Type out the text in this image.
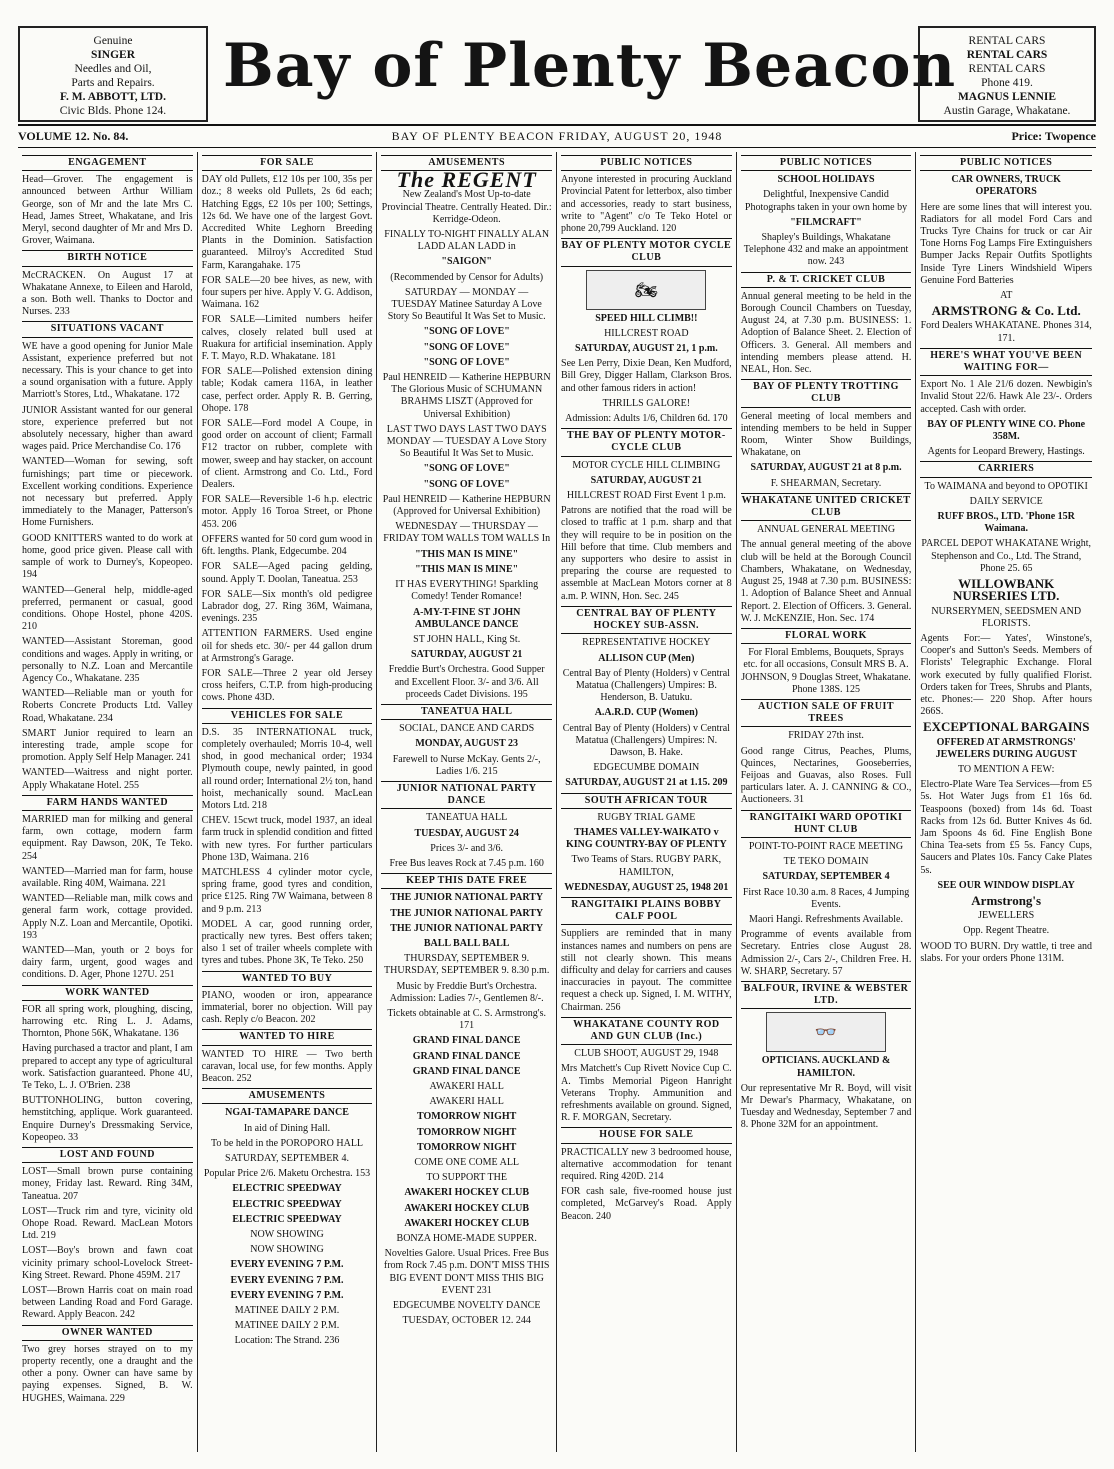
Genuine
SINGER
Needles and Oil,
Parts and Repairs.
F. M. ABBOTT, LTD.
Civic Blds. Phone 124.
Bay of Plenty Beacon	RENTAL CARS
RENTAL CARS
RENTAL CARS
Phone 419.
MAGNUS LENNIE
Austin Garage, Whakatane.
VOLUME 12. No. 84.	BAY OF PLENTY BEACON FRIDAY, AUGUST 20, 1948	Price: Twopence
ENGAGEMENT
Head—Grover. The engagement is announced between Arthur William George, son of Mr and the late Mrs C. Head, James Street, Whakatane, and Iris Meryl, second daughter of Mr and Mrs D. Grover, Waimana.
BIRTH NOTICE
McCRACKEN. On August 17 at Whakatane Annexe, to Eileen and Harold, a son. Both well. Thanks to Doctor and Nurses. 233
SITUATIONS VACANT
WE have a good opening for Junior Male Assistant, experience preferred but not necessary. This is your chance to get into a sound organisation with a future. Apply Marriott's Stores, Ltd., Whakatane. 172
JUNIOR Assistant wanted for our general store, experience preferred but not absolutely necessary, higher than award wages paid. Price Merchandise Co. 176
WANTED—Woman for sewing, soft furnishings; part time or piecework. Excellent working conditions. Experience not necessary but preferred. Apply immediately to the Manager, Patterson's Home Furnishers.
GOOD KNITTERS wanted to do work at home, good price given. Please call with sample of work to Durney's, Kopeopeo. 194
WANTED—General help, middle-aged preferred, permanent or casual, good conditions. Ohope Hostel, phone 420S. 210
WANTED—Assistant Storeman, good conditions and wages. Apply in writing, or personally to N.Z. Loan and Mercantile Agency Co., Whakatane. 235
WANTED—Reliable man or youth for Roberts Concrete Products Ltd. Valley Road, Whakatane. 234
SMART Junior required to learn an interesting trade, ample scope for promotion. Apply Self Help Manager. 241
WANTED—Waitress and night porter. Apply Whakatane Hotel. 255
FARM HANDS WANTED
MARRIED man for milking and general farm, own cottage, modern farm equipment. Ray Dawson, 20K, Te Teko. 254
WANTED—Married man for farm, house available. Ring 40M, Waimana. 221
WANTED—Reliable man, milk cows and general farm work, cottage provided. Apply N.Z. Loan and Mercantile, Opotiki. 193
WANTED—Man, youth or 2 boys for dairy farm, urgent, good wages and conditions. D. Ager, Phone 127U. 251
WORK WANTED
FOR all spring work, ploughing, discing, harrowing etc. Ring L. J. Adams, Thornton, Phone 56K, Whakatane. 136
Having purchased a tractor and plant, I am prepared to accept any type of agricultural work. Satisfaction guaranteed. Phone 4U, Te Teko, L. J. O'Brien. 238
BUTTONHOLING, button covering, hemstitching, applique. Work guaranteed. Enquire Durney's Dressmaking Service, Kopeopeo. 33
LOST AND FOUND
LOST—Small brown purse containing money, Friday last. Reward. Ring 34M, Taneatua. 207
LOST—Truck rim and tyre, vicinity old Ohope Road. Reward. MacLean Motors Ltd. 219
LOST—Boy's brown and fawn coat vicinity primary school-Lovelock Street-King Street. Reward. Phone 459M. 217
LOST—Brown Harris coat on main road between Landing Road and Ford Garage. Reward. Apply Beacon. 242
OWNER WANTED
Two grey horses strayed on to my property recently, one a draught and the other a pony. Owner can have same by paying expenses. Signed, B. W. HUGHES, Waimana. 229
FOR SALE
DAY old Pullets, £12 10s per 100, 35s per doz.; 8 weeks old Pullets, 2s 6d each; Hatching Eggs, £2 10s per 100; Settings, 12s 6d. We have one of the largest Govt. Accredited White Leghorn Breeding Plants in the Dominion. Satisfaction guaranteed. Milroy's Accredited Stud Farm, Karangahake. 175
FOR SALE—20 bee hives, as new, with four supers per hive. Apply V. G. Addison, Waimana. 162
FOR SALE—Limited numbers heifer calves, closely related bull used at Ruakura for artificial insemination. Apply F. T. Mayo, R.D. Whakatane. 181
FOR SALE—Polished extension dining table; Kodak camera 116A, in leather case, perfect order. Apply R. B. Gerring, Ohope. 178
FOR SALE—Ford model A Coupe, in good order on account of client; Farmall F12 tractor on rubber, complete with mower, sweep and hay stacker, on account of client. Armstrong and Co. Ltd., Ford Dealers.
FOR SALE—Reversible 1-6 h.p. electric motor. Apply 16 Toroa Street, or Phone 453. 206
OFFERS wanted for 50 cord gum wood in 6ft. lengths. Plank, Edgecumbe. 204
FOR SALE—Aged pacing gelding, sound. Apply T. Doolan, Taneatua. 253
FOR SALE—Six month's old pedigree Labrador dog, 27. Ring 36M, Waimana, evenings. 235
ATTENTION FARMERS. Used engine oil for sheds etc. 30/- per 44 gallon drum at Armstrong's Garage.
FOR SALE—Three 2 year old Jersey cross heifers, C.T.P. from high-producing cows. Phone 43D.
VEHICLES FOR SALE
D.S. 35 INTERNATIONAL truck, completely overhauled; Morris 10-4, well shod, in good mechanical order; 1934 Plymouth coupe, newly painted, in good all round order; International 2½ ton, hand hoist, mechanically sound. MacLean Motors Ltd. 218
CHEV. 15cwt truck, model 1937, an ideal farm truck in splendid condition and fitted with new tyres. For further particulars Phone 13D, Waimana. 216
MATCHLESS 4 cylinder motor cycle, spring frame, good tyres and condition, price £125. Ring 7W Waimana, between 8 and 9 p.m. 213
MODEL A car, good running order, practically new tyres. Best offers taken; also 1 set of trailer wheels complete with tyres and tubes. Phone 3K, Te Teko. 250
WANTED TO BUY
PIANO, wooden or iron, appearance immaterial, borer no objection. Will pay cash. Reply c/o Beacon. 202
WANTED TO HIRE
WANTED TO HIRE — Two berth caravan, local use, for few months. Apply Beacon. 252
AMUSEMENTS
NGAI-TAMAPARE DANCE
In aid of Dining Hall.
To be held in the POROPORO HALL
SATURDAY, SEPTEMBER 4.
Popular Price 2/6. Maketu Orchestra. 153
ELECTRIC SPEEDWAY
ELECTRIC SPEEDWAY
ELECTRIC SPEEDWAY
NOW SHOWING
NOW SHOWING
EVERY EVENING 7 P.M.
EVERY EVENING 7 P.M.
EVERY EVENING 7 P.M.
MATINEE DAILY 2 P.M.
MATINEE DAILY 2 P.M.
Location: The Strand. 236
AMUSEMENTS
The REGENT
New Zealand's Most Up-to-date Provincial Theatre. Centrally Heated. Dir.: Kerridge-Odeon.
FINALLY TO-NIGHT FINALLY ALAN LADD ALAN LADD in
"SAIGON"
(Recommended by Censor for Adults)
SATURDAY — MONDAY — TUESDAY Matinee Saturday A Love Story So Beautiful It Was Set to Music.
"SONG OF LOVE"
"SONG OF LOVE"
"SONG OF LOVE"
Paul HENREID — Katherine HEPBURN The Glorious Music of SCHUMANN BRAHMS LISZT (Approved for Universal Exhibition)
LAST TWO DAYS LAST TWO DAYS MONDAY — TUESDAY A Love Story So Beautiful It Was Set to Music.
"SONG OF LOVE"
"SONG OF LOVE"
Paul HENREID — Katherine HEPBURN (Approved for Universal Exhibition)
WEDNESDAY — THURSDAY — FRIDAY TOM WALLS TOM WALLS In
"THIS MAN IS MINE"
"THIS MAN IS MINE"
IT HAS EVERYTHING! Sparkling Comedy! Tender Romance!
A-MY-T-FINE ST JOHN AMBULANCE DANCE
ST JOHN HALL, King St.
SATURDAY, AUGUST 21
Freddie Burt's Orchestra. Good Supper and Excellent Floor. 3/- and 3/6. All proceeds Cadet Divisions. 195
TANEATUA HALL
SOCIAL, DANCE AND CARDS
MONDAY, AUGUST 23
Farewell to Nurse McKay. Gents 2/-, Ladies 1/6. 215
JUNIOR NATIONAL PARTY DANCE
TANEATUA HALL
TUESDAY, AUGUST 24
Prices 3/- and 3/6.
Free Bus leaves Rock at 7.45 p.m. 160
KEEP THIS DATE FREE
THE JUNIOR NATIONAL PARTY
THE JUNIOR NATIONAL PARTY
THE JUNIOR NATIONAL PARTY
BALL BALL BALL
THURSDAY, SEPTEMBER 9. THURSDAY, SEPTEMBER 9. 8.30 p.m.
Music by Freddie Burt's Orchestra. Admission: Ladies 7/-, Gentlemen 8/-.
Tickets obtainable at C. S. Armstrong's. 171
GRAND FINAL DANCE
GRAND FINAL DANCE
GRAND FINAL DANCE
AWAKERI HALL
AWAKERI HALL
TOMORROW NIGHT
TOMORROW NIGHT
TOMORROW NIGHT
COME ONE COME ALL
TO SUPPORT THE
AWAKERI HOCKEY CLUB
AWAKERI HOCKEY CLUB
AWAKERI HOCKEY CLUB
BONZA HOME-MADE SUPPER.
Novelties Galore. Usual Prices. Free Bus from Rock 7.45 p.m. DON'T MISS THIS BIG EVENT DON'T MISS THIS BIG EVENT 231
EDGECUMBE NOVELTY DANCE
TUESDAY, OCTOBER 12. 244
PUBLIC NOTICES
Anyone interested in procuring Auckland Provincial Patent for letterbox, also timber and accessories, ready to start business, write to "Agent" c/o Te Teko Hotel or phone 20,799 Auckland. 120
BAY OF PLENTY MOTOR CYCLE CLUB
🏍
SPEED HILL CLIMB!!
HILLCREST ROAD
SATURDAY, AUGUST 21, 1 p.m.
See Len Perry, Dixie Dean, Ken Mudford, Bill Grey, Digger Hallam, Clarkson Bros. and other famous riders in action!
THRILLS GALORE!
Admission: Adults 1/6, Children 6d. 170
THE BAY OF PLENTY MOTOR-CYCLE CLUB
MOTOR CYCLE HILL CLIMBING
SATURDAY, AUGUST 21
HILLCREST ROAD First Event 1 p.m.
Patrons are notified that the road will be closed to traffic at 1 p.m. sharp and that they will require to be in position on the Hill before that time. Club members and any supporters who desire to assist in preparing the course are requested to assemble at MacLean Motors corner at 8 a.m. P. WINN, Hon. Sec. 245
CENTRAL BAY OF PLENTY HOCKEY SUB-ASSN.
REPRESENTATIVE HOCKEY
ALLISON CUP (Men)
Central Bay of Plenty (Holders) v Central Matatua (Challengers) Umpires: B. Henderson, B. Uatuku.
A.A.R.D. CUP (Women)
Central Bay of Plenty (Holders) v Central Matatua (Challengers) Umpires: N. Dawson, B. Hake.
EDGECUMBE DOMAIN
SATURDAY, AUGUST 21 at 1.15. 209
SOUTH AFRICAN TOUR
RUGBY TRIAL GAME
THAMES VALLEY-WAIKATO v KING COUNTRY-BAY OF PLENTY
Two Teams of Stars. RUGBY PARK, HAMILTON,
WEDNESDAY, AUGUST 25, 1948 201
RANGITAIKI PLAINS BOBBY CALF POOL
Suppliers are reminded that in many instances names and numbers on pens are still not clearly shown. This means difficulty and delay for carriers and causes inaccuracies in payout. The committee request a check up. Signed, I. M. WITHY, Chairman. 256
WHAKATANE COUNTY ROD AND GUN CLUB (Inc.)
CLUB SHOOT, AUGUST 29, 1948
Mrs Matchett's Cup Rivett Novice Cup C. A. Timbs Memorial Pigeon Hanright Veterans Trophy. Ammunition and refreshments available on ground. Signed, R. F. MORGAN, Secretary.
HOUSE FOR SALE
PRACTICALLY new 3 bedroomed house, alternative accommodation for tenant required. Ring 420D. 214
FOR cash sale, five-roomed house just completed, McGarvey's Road. Apply Beacon. 240
PUBLIC NOTICES
SCHOOL HOLIDAYS
Delightful, Inexpensive Candid Photographs taken in your own home by
"FILMCRAFT"
Shapley's Buildings, Whakatane Telephone 432 and make an appointment now. 243
P. & T. CRICKET CLUB
Annual general meeting to be held in the Borough Council Chambers on Tuesday, August 24, at 7.30 p.m. BUSINESS: 1. Adoption of Balance Sheet. 2. Election of Officers. 3. General. All members and intending members please attend. H. NEAL, Hon. Sec.
BAY OF PLENTY TROTTING CLUB
General meeting of local members and intending members to be held in Supper Room, Winter Show Buildings, Whakatane, on
SATURDAY, AUGUST 21 at 8 p.m.
F. SHEARMAN, Secretary.
WHAKATANE UNITED CRICKET CLUB
ANNUAL GENERAL MEETING
The annual general meeting of the above club will be held at the Borough Council Chambers, Whakatane, on Wednesday, August 25, 1948 at 7.30 p.m. BUSINESS: 1. Adoption of Balance Sheet and Annual Report. 2. Election of Officers. 3. General. W. J. McKENZIE, Hon. Sec. 174
FLORAL WORK
For Floral Emblems, Bouquets, Sprays etc. for all occasions, Consult MRS B. A. JOHNSON, 9 Douglas Street, Whakatane. Phone 138S. 125
AUCTION SALE OF FRUIT TREES
FRIDAY 27th inst.
Good range Citrus, Peaches, Plums, Quinces, Nectarines, Gooseberries, Feijoas and Guavas, also Roses. Full particulars later. A. J. CANNING & CO., Auctioneers. 31
RANGITAIKI WARD OPOTIKI HUNT CLUB
POINT-TO-POINT RACE MEETING
TE TEKO DOMAIN
SATURDAY, SEPTEMBER 4
First Race 10.30 a.m. 8 Races, 4 Jumping Events.
Maori Hangi. Refreshments Available.
Programme of events available from Secretary. Entries close August 28. Admission 2/-, Cars 2/-, Children Free. H. W. SHARP, Secretary. 57
BALFOUR, IRVINE & WEBSTER LTD.
👓
OPTICIANS. AUCKLAND & HAMILTON.
Our representative Mr R. Boyd, will visit Mr Dewar's Pharmacy, Whakatane, on Tuesday and Wednesday, September 7 and 8. Phone 32M for an appointment.
PUBLIC NOTICES
CAR OWNERS, TRUCK OPERATORS
Here are some lines that will interest you. Radiators for all model Ford Cars and Trucks Tyre Chains for truck or car Air Tone Horns Fog Lamps Fire Extinguishers Bumper Jacks Repair Outfits Spotlights Inside Tyre Liners Windshield Wipers Genuine Ford Batteries
AT
ARMSTRONG & Co. Ltd.
Ford Dealers WHAKATANE. Phones 314, 171.
HERE'S WHAT YOU'VE BEEN WAITING FOR—
Export No. 1 Ale 21/6 dozen. Newbigin's Invalid Stout 22/6. Hawk Ale 23/-. Orders accepted. Cash with order.
BAY OF PLENTY WINE CO. Phone 358M.
Agents for Leopard Brewery, Hastings.
CARRIERS
To WAIMANA and beyond to OPOTIKI
DAILY SERVICE
RUFF BROS., LTD. 'Phone 15R Waimana.
PARCEL DEPOT WHAKATANE Wright, Stephenson and Co., Ltd. The Strand, Phone 25. 65
WILLOWBANK NURSERIES LTD.
NURSERYMEN, SEEDSMEN AND FLORISTS.
Agents For:— Yates', Winstone's, Cooper's and Sutton's Seeds. Members of Florists' Telegraphic Exchange. Floral work executed by fully qualified Florist. Orders taken for Trees, Shrubs and Plants, etc. Phones:— 220 Shop. After hours 266S.
EXCEPTIONAL BARGAINS
OFFERED AT ARMSTRONGS' JEWELERS DURING AUGUST
TO MENTION A FEW:
Electro-Plate Ware Tea Services—from £5 5s. Hot Water Jugs from £1 16s 6d. Teaspoons (boxed) from 14s 6d. Toast Racks from 12s 6d. Butter Knives 4s 6d. Jam Spoons 4s 6d. Fine English Bone China Tea-sets from £5 5s. Fancy Cups, Saucers and Plates 10s. Fancy Cake Plates 5s.
SEE OUR WINDOW DISPLAY
Armstrong's
JEWELLERS
Opp. Regent Theatre.
WOOD TO BURN. Dry wattle, ti tree and slabs. For your orders Phone 131M.
